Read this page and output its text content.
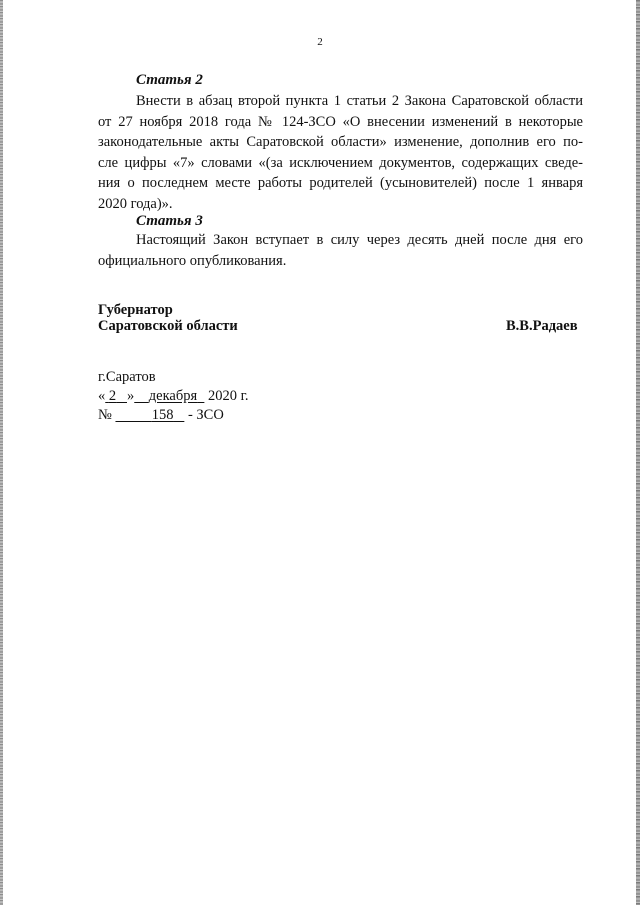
2
Статья 2
Внести в абзац второй пункта 1 статьи 2 Закона Саратовской области
от 27 ноября 2018 года № 124-ЗСО «О внесении изменений в некоторые
законодательные акты Саратовской области» изменение, дополнив его по-
сле цифры «7» словами «(за исключением документов, содержащих сведе-
ния о последнем месте работы родителей (усыновителей) после 1 января
2020 года)».
Статья 3
Настоящий Закон вступает в силу через десять дней после дня его
официального опубликования.
Губернатор
Саратовской области	В.В.Радаев
г.Саратов
« 2 » декабря 2020 г.
№	158 - ЗСО
